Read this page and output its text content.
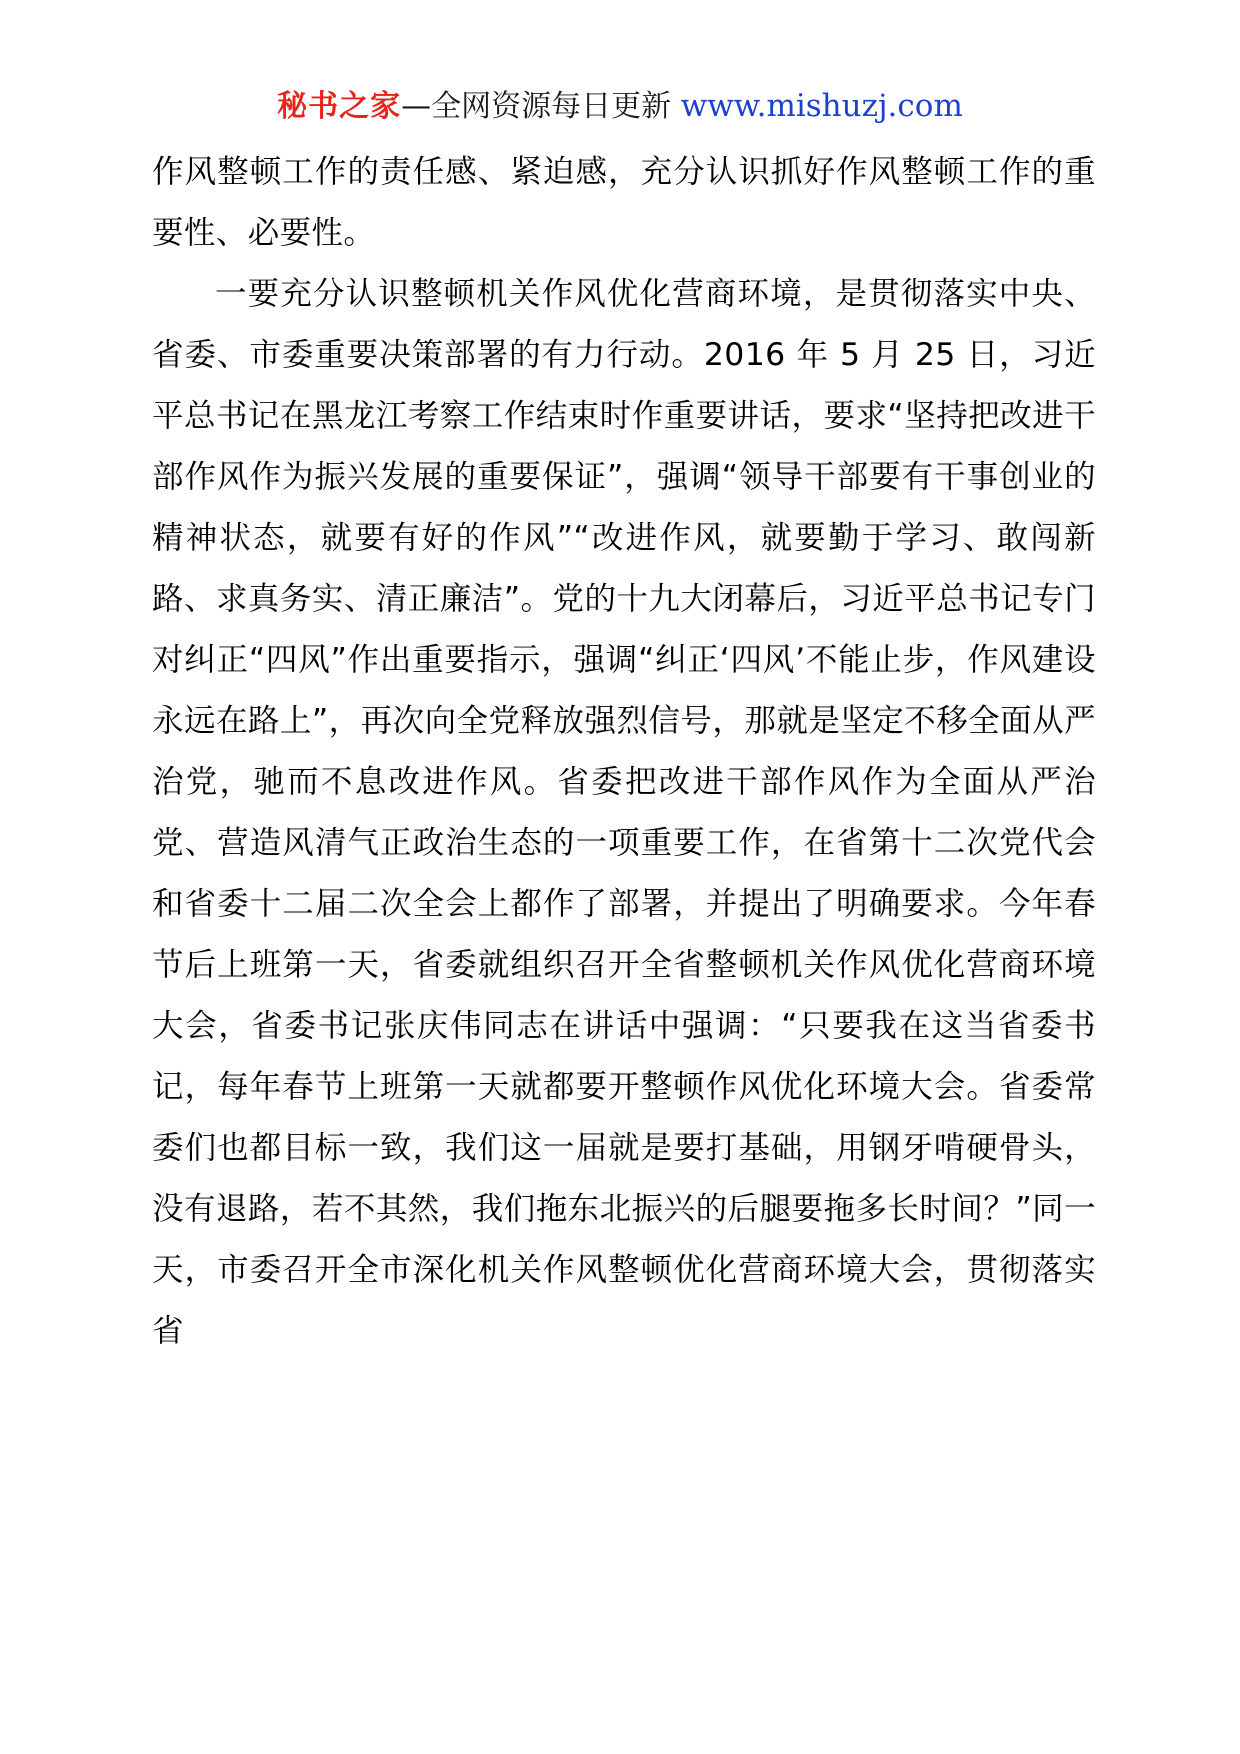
秘书之家—全网资源每日更新 www.mishuzj.com

作风整顿工作的责任感、紧迫感，充分认识抓好作风整顿工作的重要性、必要性。

一要充分认识整顿机关作风优化营商环境，是贯彻落实中央、省委、市委重要决策部署的有力行动。2016 年 5 月 25 日，习近平总书记在黑龙江考察工作结束时作重要讲话，要求“坚持把改进干部作风作为振兴发展的重要保证”，强调“领导干部要有干事创业的精神状态，就要有好的作风”“改进作风，就要勤于学习、敢闯新路、求真务实、清正廉洁”。党的十九大闭幕后，习近平总书记专门对纠正“四风”作出重要指示，强调“纠正‘四风’不能止步，作风建设永远在路上”，再次向全党释放强烈信号，那就是坚定不移全面从严治党，驰而不息改进作风。省委把改进干部作风作为全面从严治党、营造风清气正政治生态的一项重要工作，在省第十二次党代会和省委十二届二次全会上都作了部署，并提出了明确要求。今年春节后上班第一天，省委就组织召开全省整顿机关作风优化营商环境大会，省委书记张庆伟同志在讲话中强调：“只要我在这当省委书记，每年春节上班第一天就都要开整顿作风优化环境大会。省委常委们也都目标一致，我们这一届就是要打基础，用钢牙啃硬骨头，没有退路，若不其然，我们拖东北振兴的后腿要拖多长时间？”同一天，市委召开全市深化机关作风整顿优化营商环境大会，贯彻落实省
